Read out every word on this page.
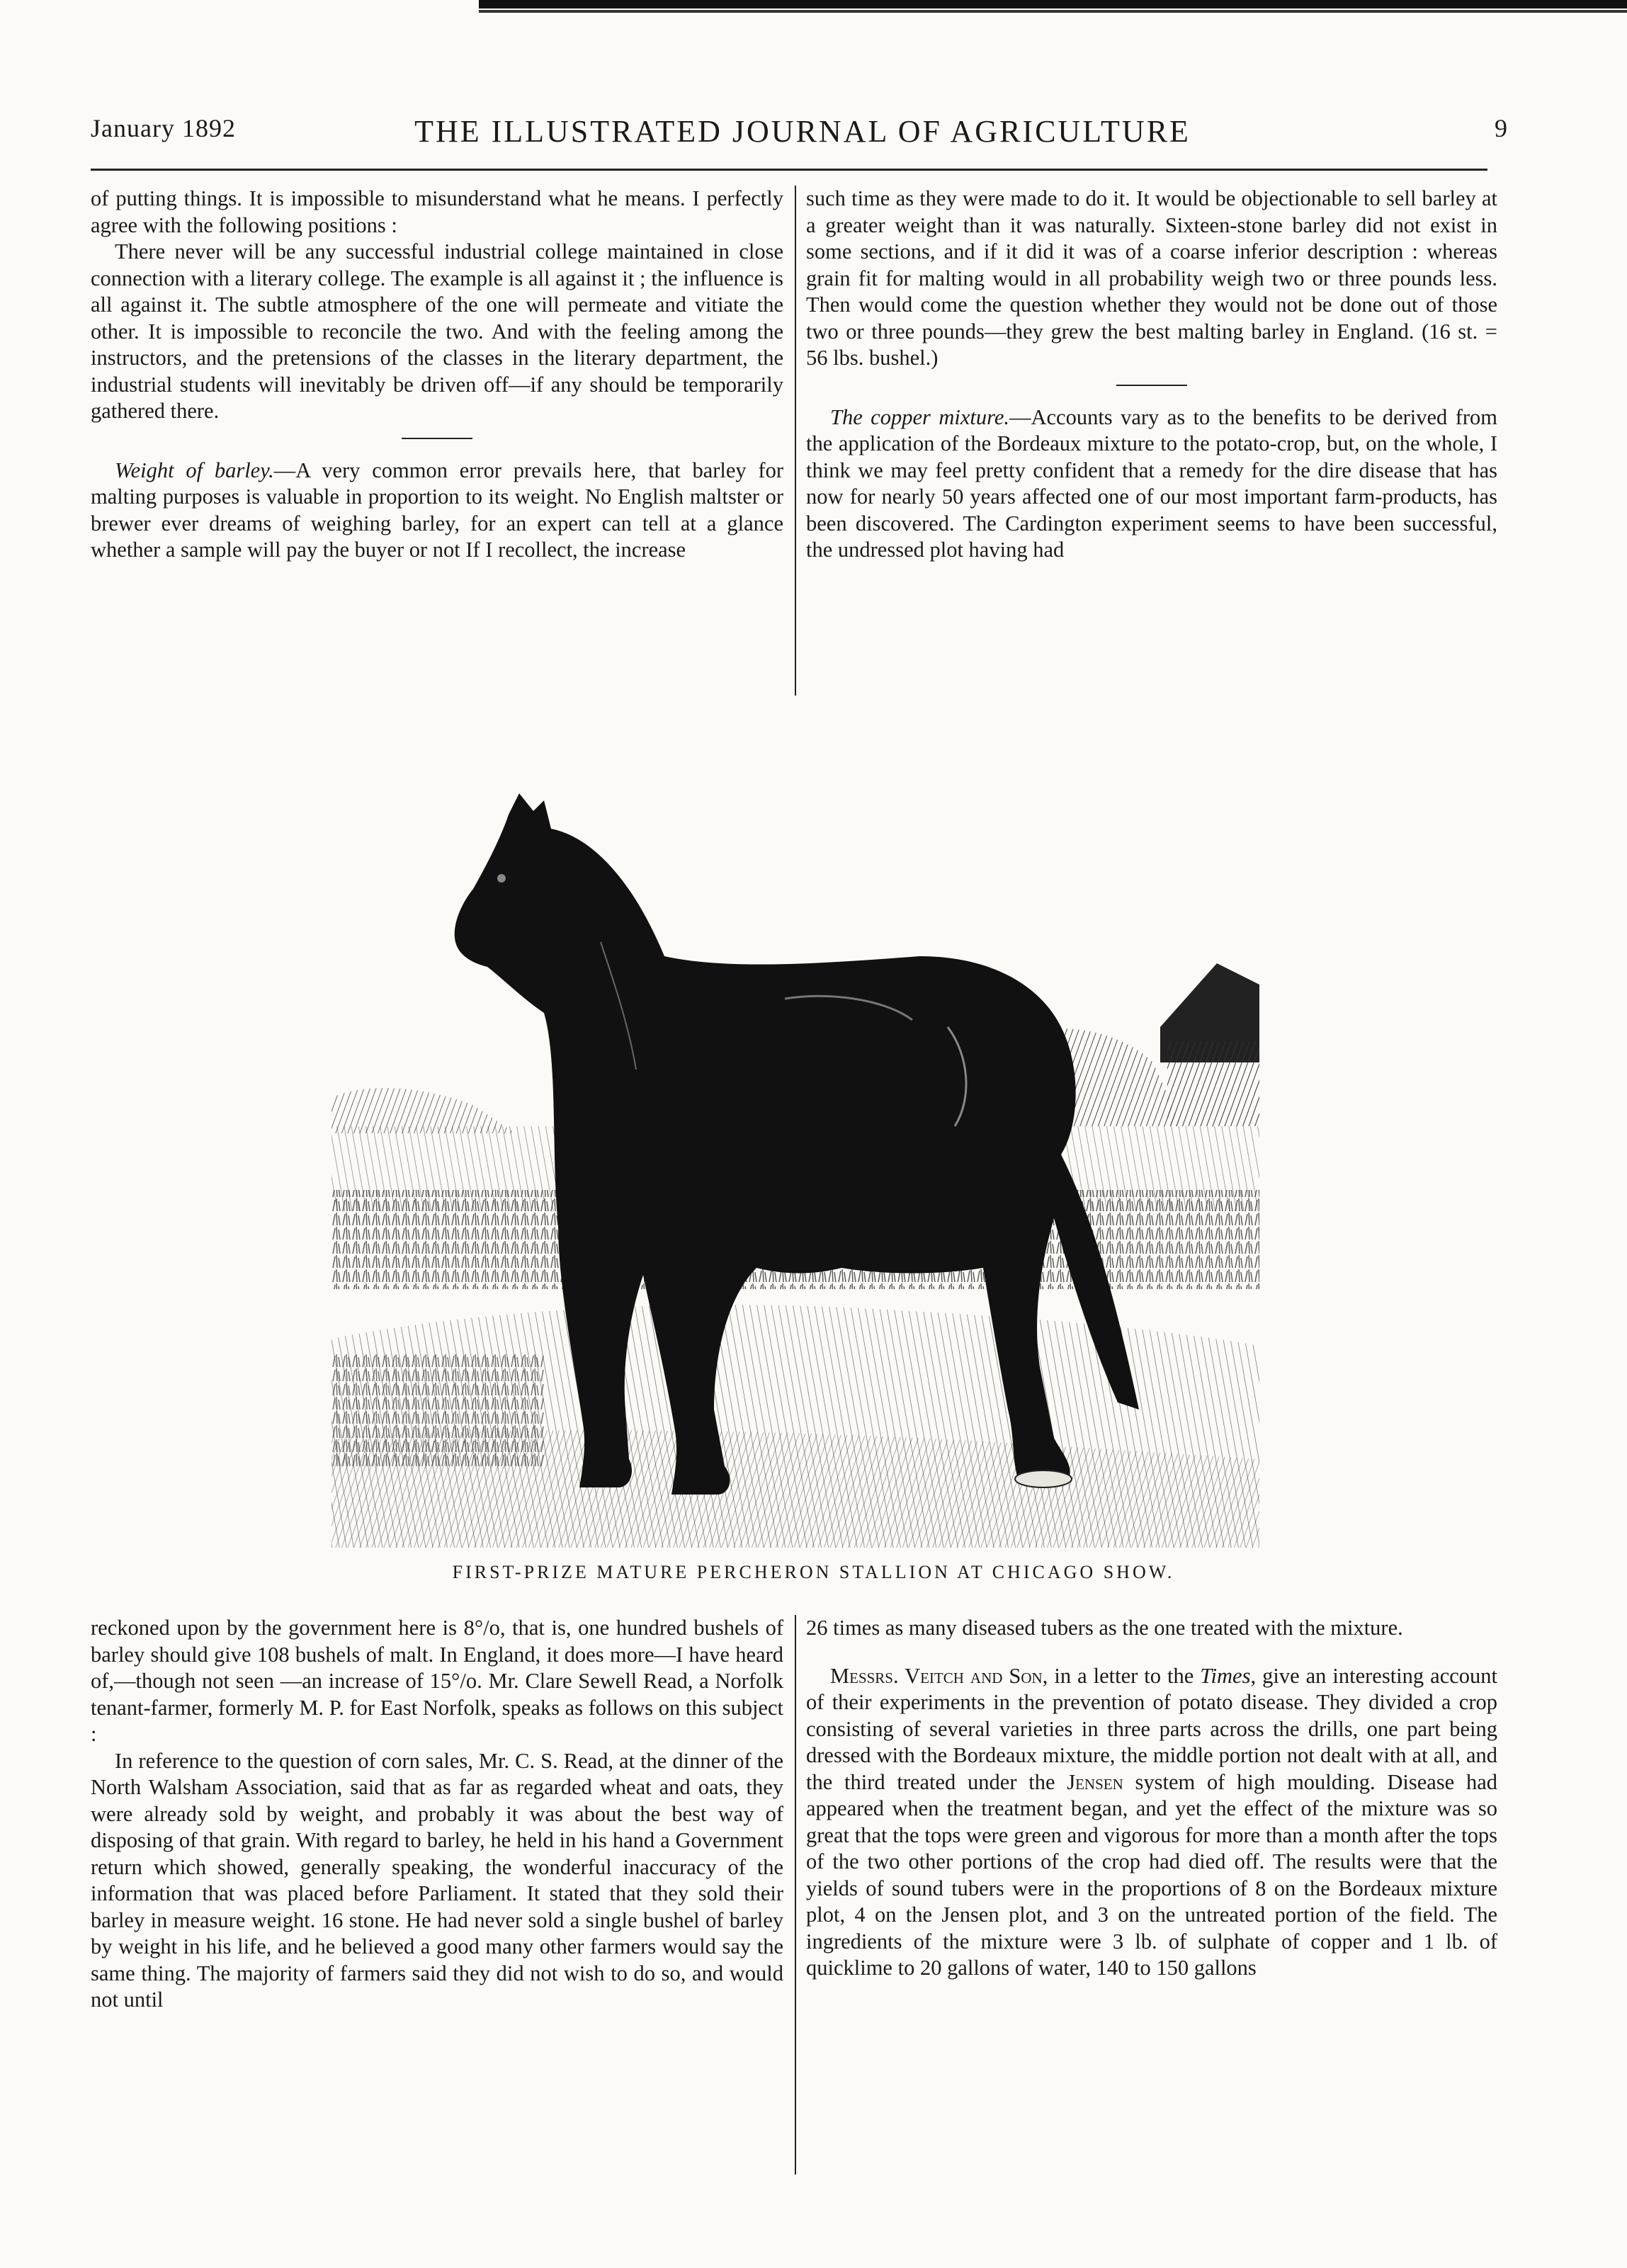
January 1892	THE ILLUSTRATED JOURNAL OF AGRICULTURE	9

of putting things. It is impossible to misunderstand what he means. I perfectly agree with the following positions :

There never will be any successful industrial college maintained in close connection with a literary college. The example is all against it ; the influence is all against it. The subtle atmosphere of the one will permeate and vitiate the other. It is impossible to reconcile the two. And with the feeling among the instructors, and the pretensions of the classes in the literary department, the industrial students will inevitably be driven off—if any should be temporarily gathered there.

Weight of barley.—A very common error prevails here, that barley for malting purposes is valuable in proportion to its weight. No English maltster or brewer ever dreams of weighing barley, for an expert can tell at a glance whether a sample will pay the buyer or not If I recollect, the increase

such time as they were made to do it. It would be objectionable to sell barley at a greater weight than it was naturally. Sixteen-stone barley did not exist in some sections, and if it did it was of a coarse inferior description : whereas grain fit for malting would in all probability weigh two or three pounds less. Then would come the question whether they would not be done out of those two or three pounds—they grew the best malting barley in England. (16 st. = 56 lbs. bushel.)

The copper mixture.—Accounts vary as to the benefits to be derived from the application of the Bordeaux mixture to the potato-crop, but, on the whole, I think we may feel pretty confident that a remedy for the dire disease that has now for nearly 50 years affected one of our most important farm-products, has been discovered. The Cardington experiment seems to have been successful, the undressed plot having had

FIRST-PRIZE MATURE PERCHERON STALLION AT CHICAGO SHOW.

reckoned upon by the government here is 8°/o, that is, one hundred bushels of barley should give 108 bushels of malt. In England, it does more—I have heard of,—though not seen —an increase of 15°/o. Mr. Clare Sewell Read, a Norfolk tenant-farmer, formerly M. P. for East Norfolk, speaks as follows on this subject :

In reference to the question of corn sales, Mr. C. S. Read, at the dinner of the North Walsham Association, said that as far as regarded wheat and oats, they were already sold by weight, and probably it was about the best way of disposing of that grain. With regard to barley, he held in his hand a Government return which showed, generally speaking, the wonderful inaccuracy of the information that was placed before Parliament. It stated that they sold their barley in measure weight. 16 stone. He had never sold a single bushel of barley by weight in his life, and he believed a good many other farmers would say the same thing. The majority of farmers said they did not wish to do so, and would not until

26 times as many diseased tubers as the one treated with the mixture.

Messrs. Veitch and Son, in a letter to the Times, give an interesting account of their experiments in the prevention of potato disease. They divided a crop consisting of several varieties in three parts across the drills, one part being dressed with the Bordeaux mixture, the middle portion not dealt with at all, and the third treated under the Jensen system of high moulding. Disease had appeared when the treatment began, and yet the effect of the mixture was so great that the tops were green and vigorous for more than a month after the tops of the two other portions of the crop had died off. The results were that the yields of sound tubers were in the proportions of 8 on the Bordeaux mixture plot, 4 on the Jensen plot, and 3 on the untreated portion of the field. The ingredients of the mixture were 3 lb. of sulphate of copper and 1 lb. of quicklime to 20 gallons of water, 140 to 150 gallons
